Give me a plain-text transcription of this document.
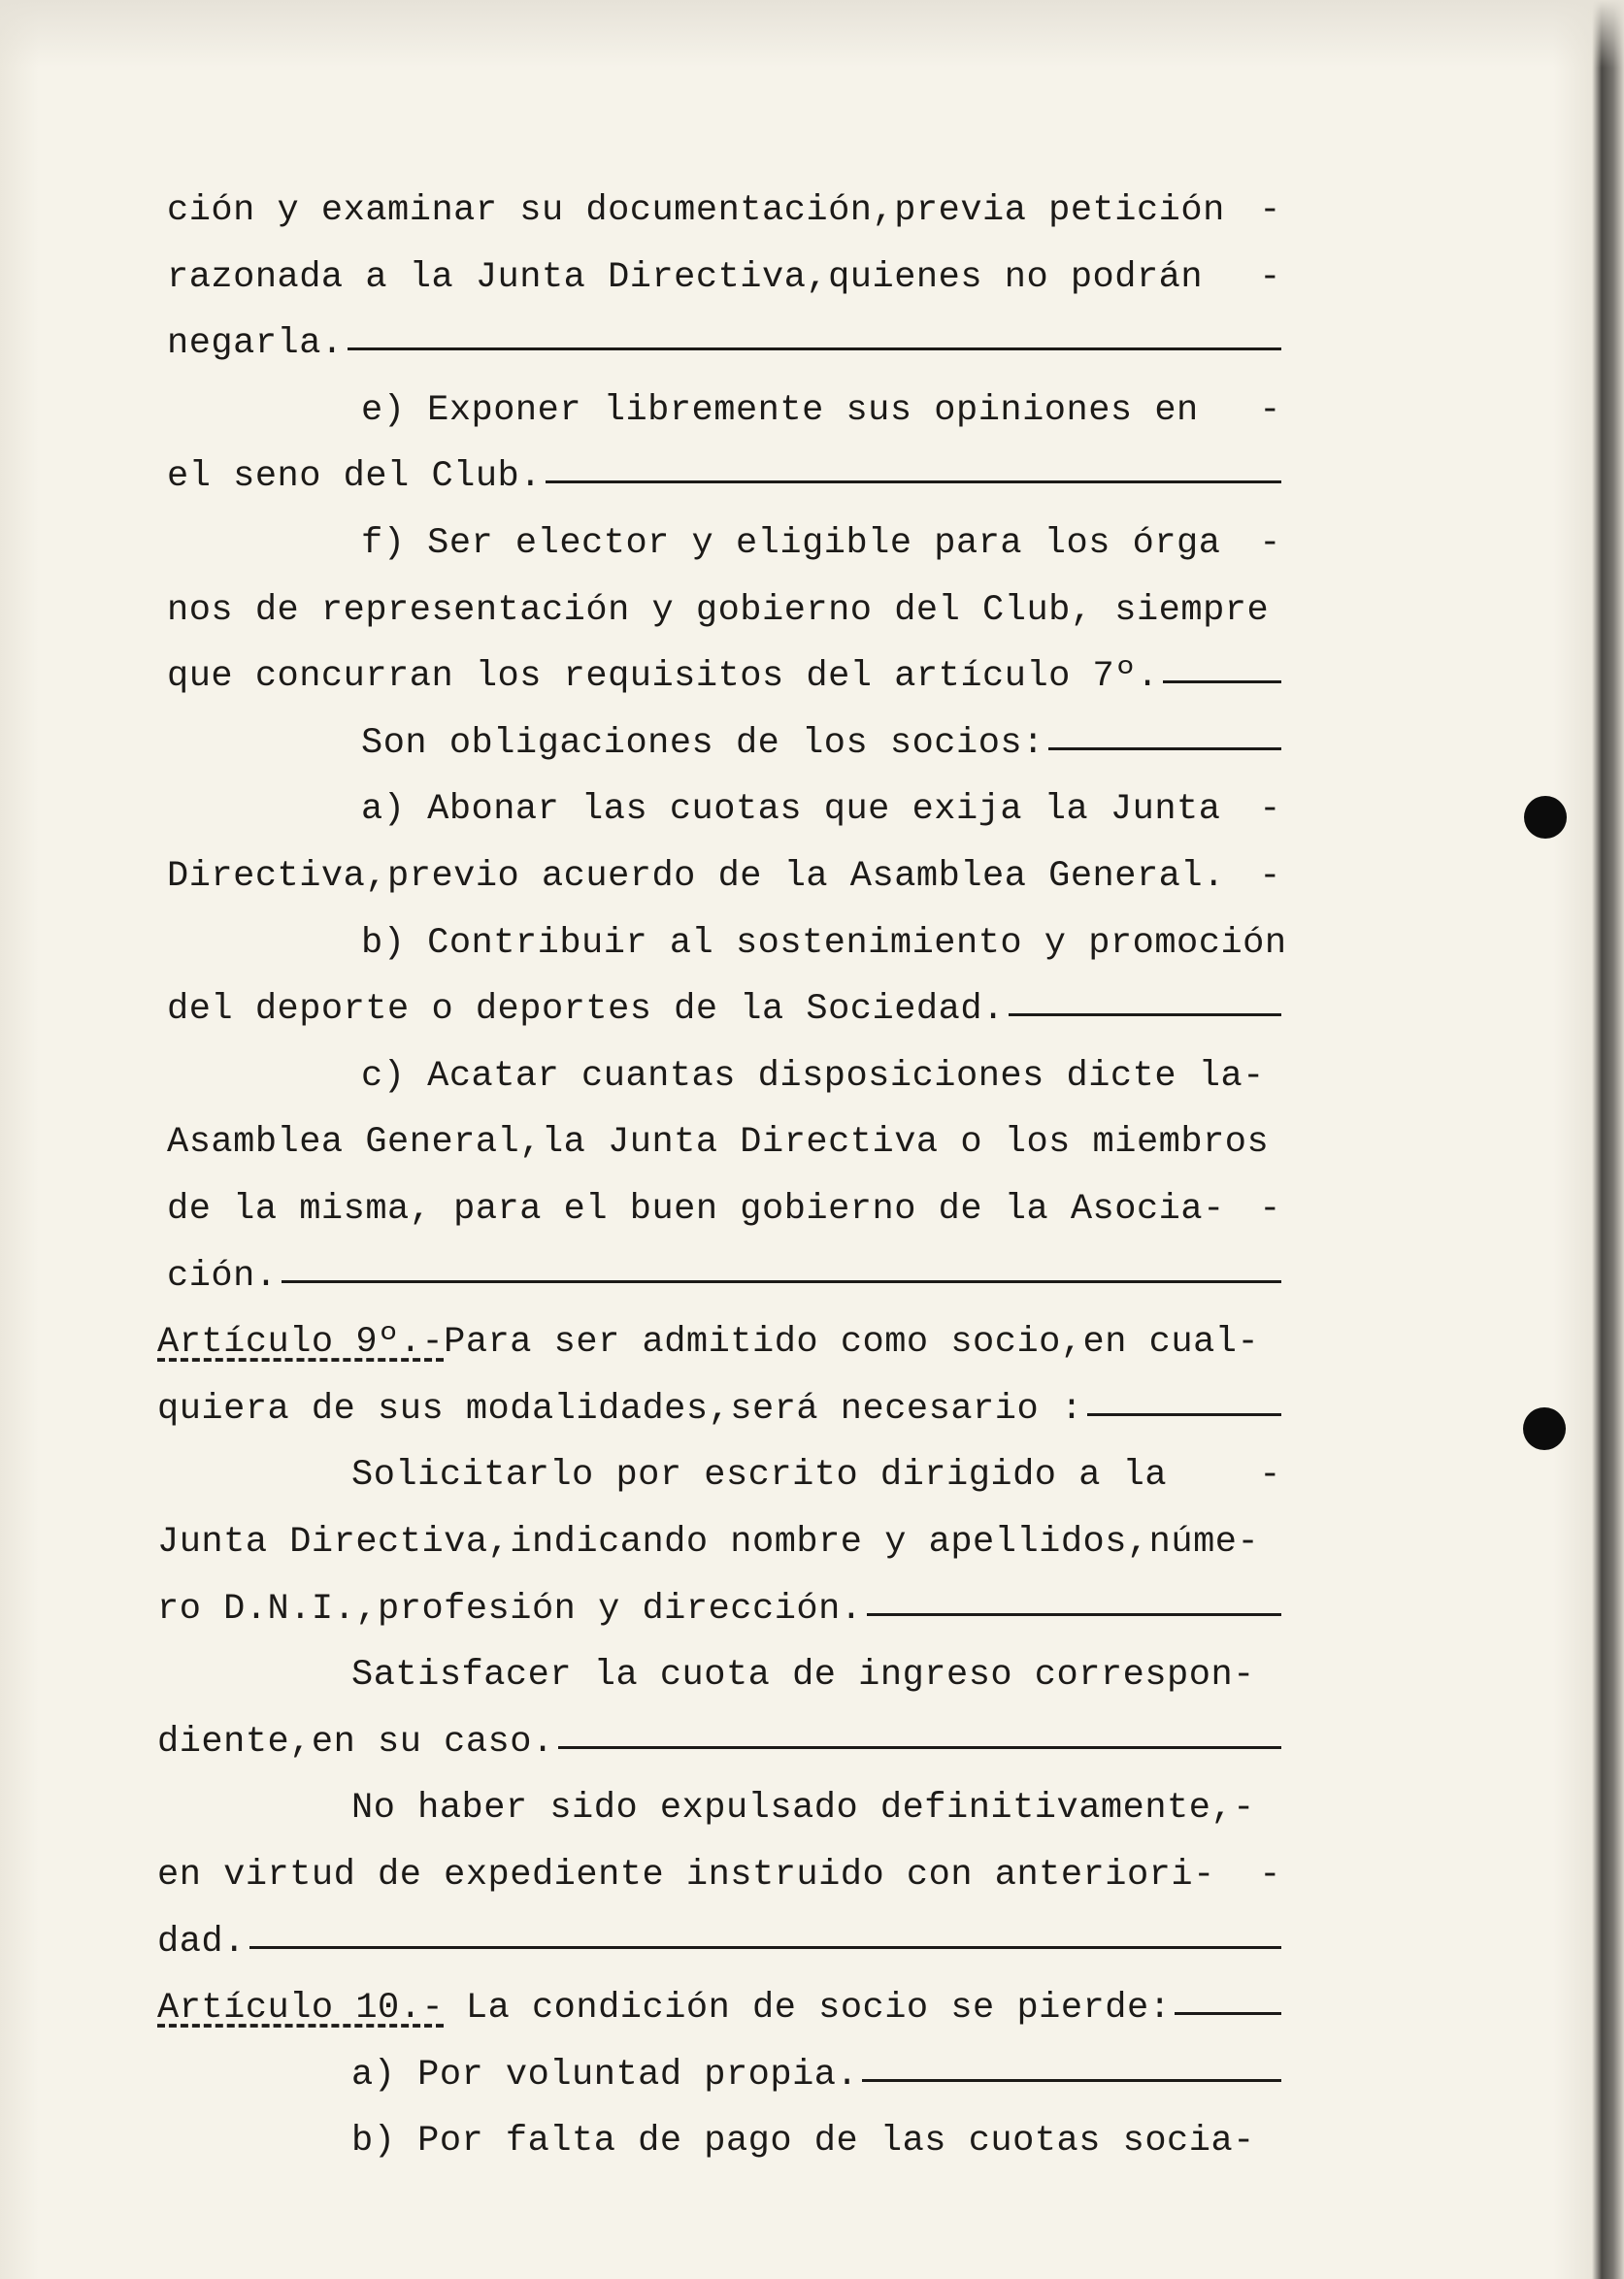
ción y examinar su documentación,previa petición -
razonada a la Junta Directiva,quienes no podrán -
negarla.
e) Exponer libremente sus opiniones en -
el seno del Club.
f) Ser elector y eligible para los órga -
nos de representación y gobierno del Club, siempre
que concurran los requisitos del artículo 7º.
Son obligaciones de los socios:
a) Abonar las cuotas que exija la Junta -
Directiva,previo acuerdo de la Asamblea General. -
b) Contribuir al sostenimiento y promoción
del deporte o deportes de la Sociedad.
c) Acatar cuantas disposiciones dicte la-
Asamblea General,la Junta Directiva o los miembros
de la misma, para el buen gobierno de la Asocia- -
ción.
Artículo 9º.- Para ser admitido como socio,en cual-
quiera de sus modalidades,será necesario :
Solicitarlo por escrito dirigido a la	-
Junta Directiva,indicando nombre y apellidos,núme-
ro D.N.I.,profesión y dirección.
Satisfacer la cuota de ingreso correspon-
diente,en su caso.
No haber sido expulsado definitivamente,-
en virtud de expediente instruido con anteriori- -
dad.
Artículo 10.- La condición de socio se pierde:
a) Por voluntad propia.
b) Por falta de pago de las cuotas socia-
